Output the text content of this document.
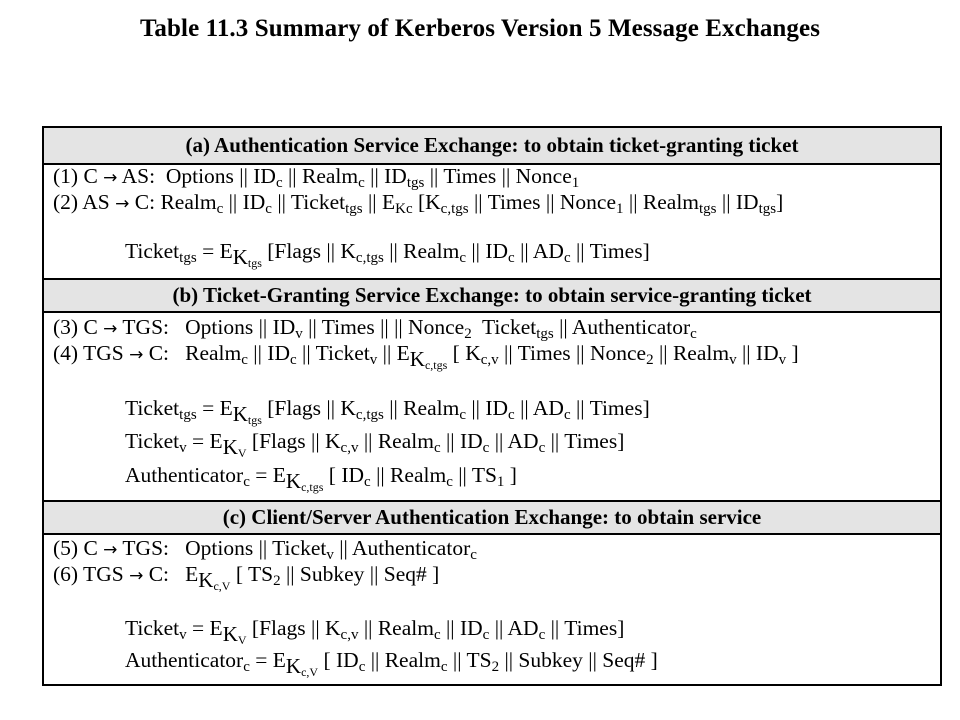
Table 11.3 Summary of Kerberos Version 5 Message Exchanges
(a) Authentication Service Exchange: to obtain ticket-granting ticket
(1) C → AS:  Options || $ID_c$ || Realm$_c$ || $ID_{tgs}$ || Times || Nonce$_1$
(2) AS → C: Realm$_c$ || $ID_c$ || Ticket$_{tgs}$ || $E_{Kc}$ [$K_{c,tgs}$ || Times || Nonce$_1$ || Realm$_{tgs}$ || $ID_{tgs}$]
Ticket$_{tgs}$ = $E_{K_{tgs}}$ [Flags || $K_{c,tgs}$ || Realm$_c$ || $ID_c$ || $AD_c$ || Times]
(b) Ticket-Granting Service Exchange: to obtain service-granting ticket
(3) C → TGS:   Options || $ID_v$ || Times || || Nonce$_2$  Ticket$_{tgs}$ || Authenticator$_c$
(4) TGS → C:   Realm$_c$ || $ID_c$ || Ticket$_v$ || $E_{K_{c,tgs}}$ [ $K_{c,v}$ || Times || Nonce$_2$ || Realm$_v$ || $ID_v$ ]
Ticket$_{tgs}$ = $E_{K_{tgs}}$ [Flags || $K_{c,tgs}$ || Realm$_c$ || $ID_c$ || $AD_c$ || Times]
Ticket$_v$ = $E_{K_V}$ [Flags || $K_{c,v}$ || Realm$_c$ || $ID_c$ || $AD_c$ || Times]
Authenticator$_c$ = $E_{K_{c,tgs}}$ [ $ID_c$ || Realm$_c$ || $TS_1$ ]
(c) Client/Server Authentication Exchange: to obtain service
(5) C → TGS:   Options || Ticket$_v$ || Authenticator$_c$
(6) TGS → C:   $E_{K_{c,V}}$ [ $TS_2$ || Subkey || Seq# ]
Ticket$_v$ = $E_{K_V}$ [Flags || $K_{c,v}$ || Realm$_c$ || $ID_c$ || $AD_c$ || Times]
Authenticator$_c$ = $E_{K_{c,V}}$ [ $ID_c$ || Realm$_c$ || $TS_2$ || Subkey || Seq# ]
